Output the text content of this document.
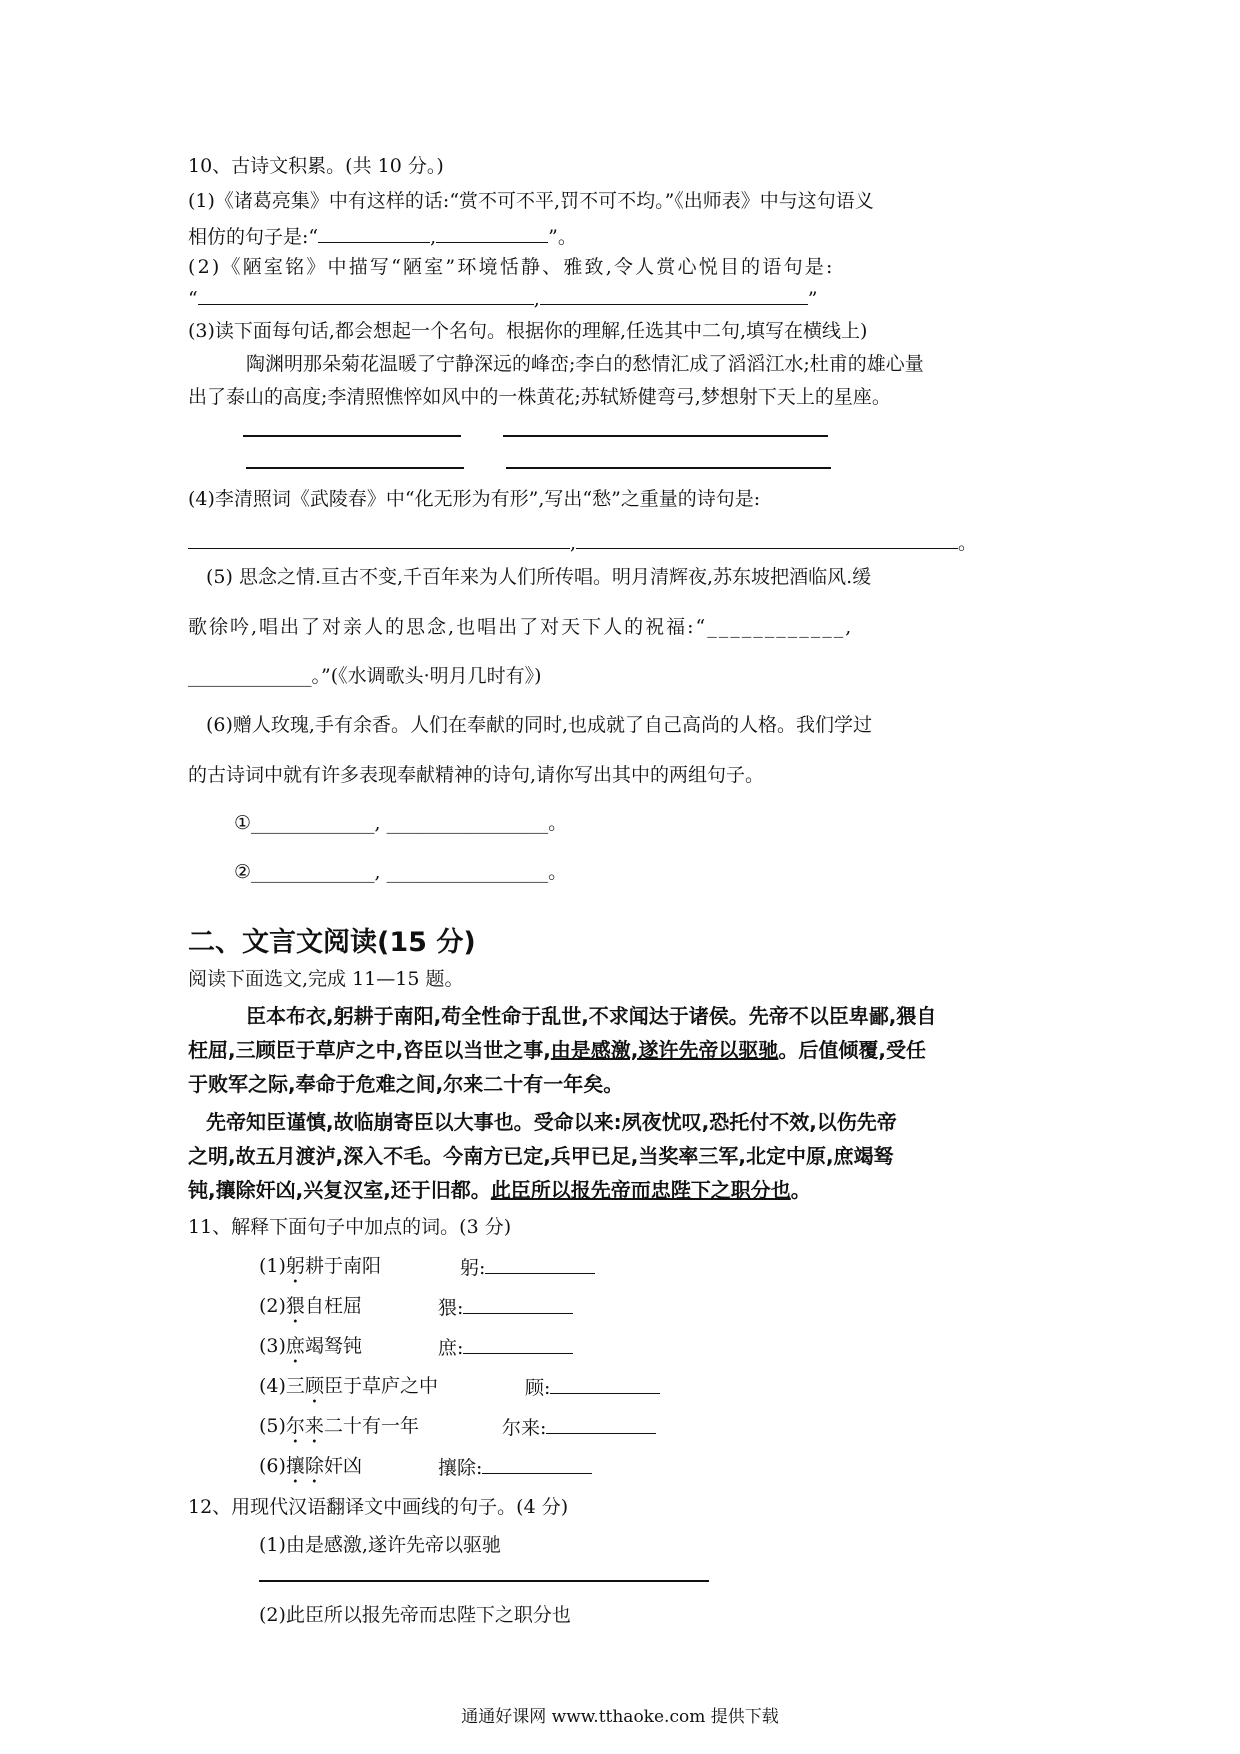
10、古诗文积累。(共 10 分。)
(1)《诸葛亮集》中有这样的话:“赏不可不平,罚不可不均。”《出师表》中与这句语义
相仿的句子是:“	,	”。
(2)《陋室铭》中描写“陋室”环境恬静、雅致,令人赏心悦目的语句是:
“	,	”
(3)读下面每句话,都会想起一个名句。根据你的理解,任选其中二句,填写在横线上)
陶渊明那朵菊花温暖了宁静深远的峰峦;李白的愁情汇成了滔滔江水;杜甫的雄心量
出了泰山的高度;李清照憔悴如风中的一株黄花;苏轼矫健弯弓,梦想射下天上的星座。
(4)李清照词《武陵春》中“化无形为有形”,写出“愁”之重量的诗句是:
,	。
(5) 思念之情.亘古不变,千百年来为人们所传唱。明月清辉夜,苏东坡把酒临风.缓
歌徐吟,唱出了对亲人的思念,也唱出了对天下人的祝福:“____________,
_____________。”(《水调歌头·明月几时有》)
(6)赠人玫瑰,手有余香。人们在奉献的同时,也成就了自己高尚的人格。我们学过
的古诗词中就有许多表现奉献精神的诗句,请你写出其中的两组句子。
①_____________, _________________。
②_____________, _________________。
二、文言文阅读(15 分)
阅读下面选文,完成 11—15 题。
臣本布衣,躬耕于南阳,苟全性命于乱世,不求闻达于诸侯。先帝不以臣卑鄙,猥自
枉屈,三顾臣于草庐之中,咨臣以当世之事,由是感激,遂许先帝以驱驰。后值倾覆,受任
于败军之际,奉命于危难之间,尔来二十有一年矣。
先帝知臣谨慎,故临崩寄臣以大事也。受命以来:夙夜忧叹,恐托付不效,以伤先帝
之明,故五月渡泸,深入不毛。今南方已定,兵甲已足,当奖率三军,北定中原,庶竭驽
钝,攘除奸凶,兴复汉室,还于旧都。此臣所以报先帝而忠陛下之职分也。
11、解释下面句子中加点的词。(3 分)
(1)躬耕于南阳	躬:
(2)猥自枉屈	猥:
(3)庶竭驽钝	庶:
(4)三顾臣于草庐之中	顾:
(5)尔来二十有一年	尔来:
(6)攘除奸凶	攘除:
12、用现代汉语翻译文中画线的句子。(4 分)
(1)由是感激,遂许先帝以驱驰
(2)此臣所以报先帝而忠陛下之职分也
通通好课网 www.tthaoke.com 提供下载
